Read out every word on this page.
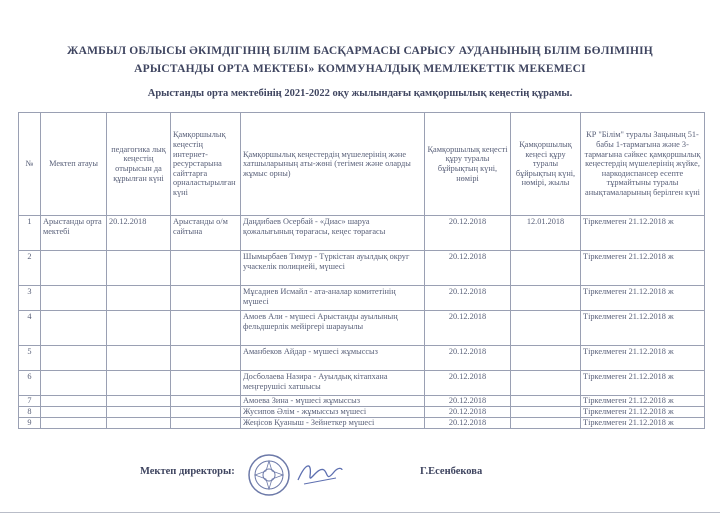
ЖАМБЫЛ ОБЛЫСЫ ӘКІМДІГІНІҢ БІЛІМ БАСҚАРМАСЫ САРЫСУ АУДАНЫНЫҢ БІЛІМ БӨЛІМІНІҢ
АРЫСТАНДЫ ОРТА МЕКТЕБІ» КОММУНАЛДЫҚ МЕМЛЕКЕТТІК МЕКЕМЕСІ
Арыстанды орта мектебінің 2021-2022 оқу жылындағы қамқоршылық кеңестің құрамы.
№	Мектеп атауы	педагогика лық кеңестің отырысын да құрылған күні	Қамқоршылық кеңестің интернет-ресурстарына сайттарға орналастырылған күні	Қамқоршылық кеңестердің мүшелерінің және хатшыларының аты-жөні (тегімен және оларды жұмыс орны)	Қамқоршылық кеңесті құру туралы бұйрықтың күні, нөмірі	Қамқоршылық кеңесі құру туралы бұйрықтың күні, нөмірі, жылы	КР "Білім" туралы Заңының 51-бабы 1-тармағына және 3-тармағына сәйкес қамқоршылық кеңестердің мүшелерінің жүйке, наркодиспансер есепте тұрмайтыны туралы анықтамаларының берілген күні
1	Арыстанды орта мектебі	20.12.2018	Арыстанды о/м сайтына	Даңдибаев Осербай - «Диас» шаруа қожалығының төрағасы, кеңес төрағасы	20.12.2018	12.01.2018	Тіркелмеген 21.12.2018 ж
2				Шымырбаев Тимур - Түркістан ауылдық округ учаскелік полициейі, мүшесі	20.12.2018		Тіркелмеген 21.12.2018 ж
3				Мұсадиев Исмайл - ата-аналар комитетінің мүшесі	20.12.2018		Тіркелмеген 21.12.2018 ж
4				Амоев Али - мүшесі Арыстанды ауылының фельдшерлік мейіргері шарауылы	20.12.2018		Тіркелмеген 21.12.2018 ж
5				Аманбеков Айдар - мүшесі жұмыссыз	20.12.2018		Тіркелмеген 21.12.2018 ж
6				Досболаева Назира - Ауылдық кітапхана меңгерушісі хатшысы	20.12.2018		Тіркелмеген 21.12.2018 ж
7				Амоева Зина - мүшесі жұмыссыз	20.12.2018		Тіркелмеген 21.12.2018 ж
8				Жусипов Әлім - жұмыссыз мүшесі	20.12.2018		Тіркелмеген 21.12.2018 ж
9				Жеңісов Қуаныш - Зейнеткер мүшесі	20.12.2018		Тіркелмеген 21.12.2018 ж
Мектеп директоры:	Г.Есенбекова
